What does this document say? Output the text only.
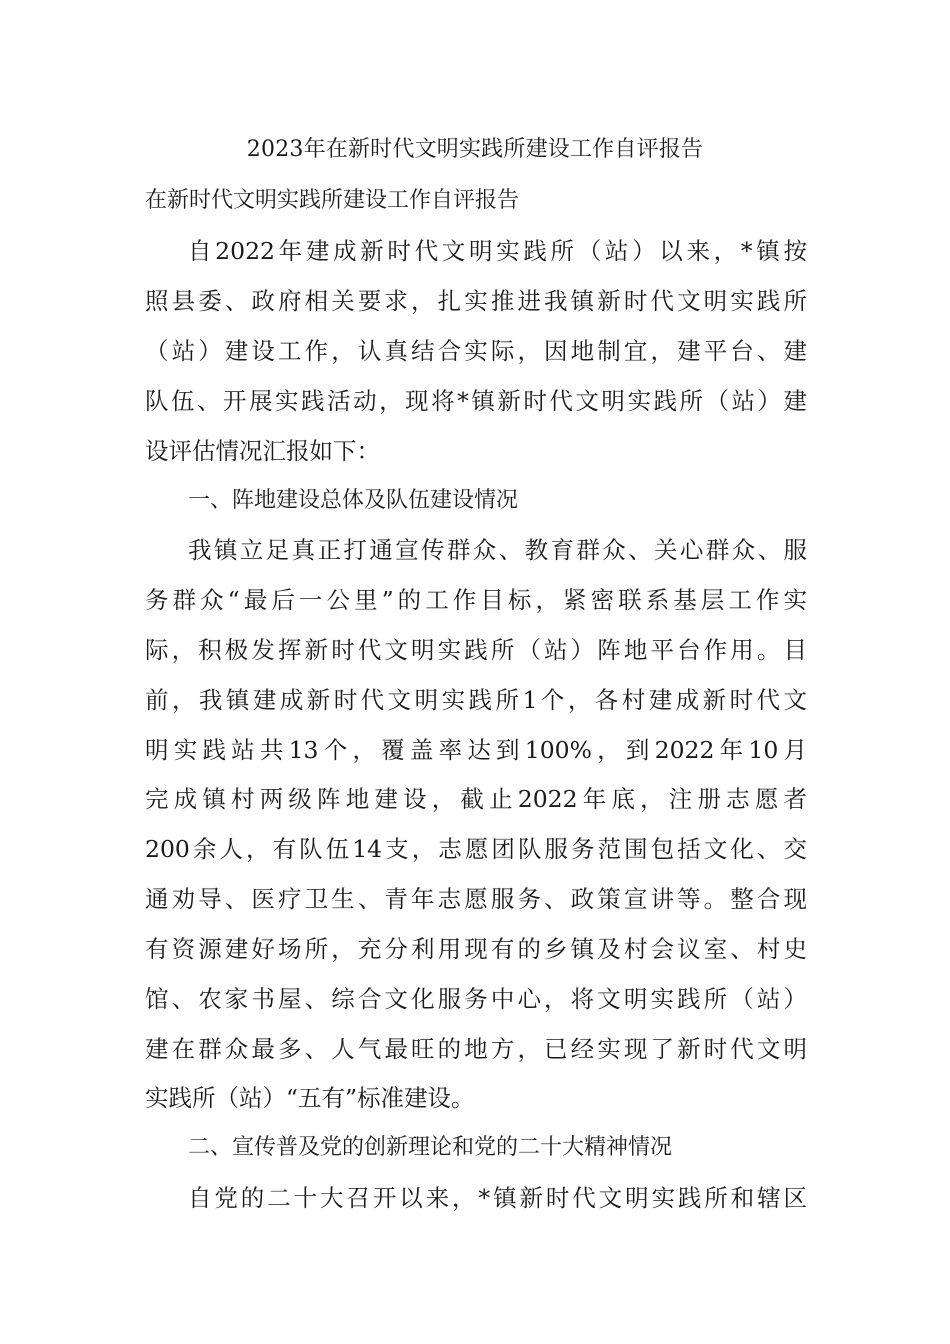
2023年在新时代文明实践所建设工作自评报告
在新时代文明实践所建设工作自评报告
自2022年建成新时代文明实践所（站）以来，*镇按
照县委、政府相关要求，扎实推进我镇新时代文明实践所
（站）建设工作，认真结合实际，因地制宜，建平台、建
队伍、开展实践活动，现将*镇新时代文明实践所（站）建
设评估情况汇报如下：
一、阵地建设总体及队伍建设情况
我镇立足真正打通宣传群众、教育群众、关心群众、服
务群众“最后一公里”的工作目标，紧密联系基层工作实
际，积极发挥新时代文明实践所（站）阵地平台作用。目
前，我镇建成新时代文明实践所1个，各村建成新时代文
明实践站共13个，覆盖率达到100%，到2022年10月
完成镇村两级阵地建设，截止2022年底，注册志愿者
200余人，有队伍14支，志愿团队服务范围包括文化、交
通劝导、医疗卫生、青年志愿服务、政策宣讲等。整合现
有资源建好场所，充分利用现有的乡镇及村会议室、村史
馆、农家书屋、综合文化服务中心，将文明实践所（站）
建在群众最多、人气最旺的地方，已经实现了新时代文明
实践所（站）“五有”标准建设。
二、宣传普及党的创新理论和党的二十大精神情况
自党的二十大召开以来，*镇新时代文明实践所和辖区
